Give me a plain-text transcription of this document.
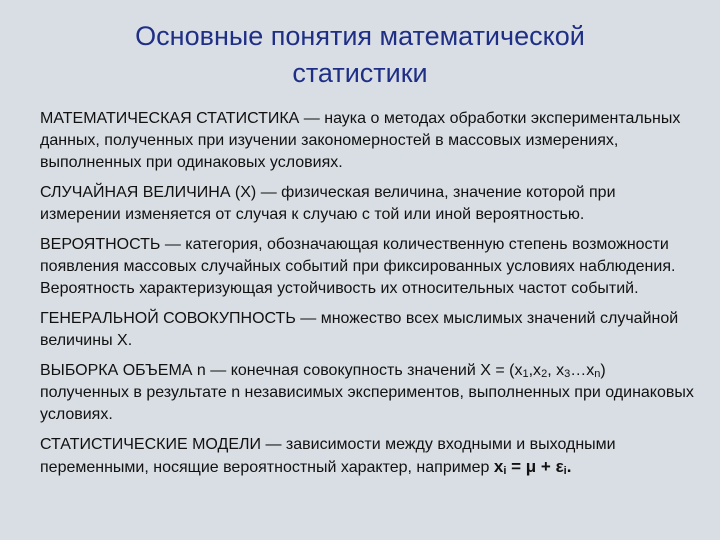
Основные понятия математической
статистики

МАТЕМАТИЧЕСКАЯ СТАТИСТИКА — наука о методах обработки экспериментальных данных, полученных при изучении закономерностей в массовых измерениях, выполненных при одинаковых условиях.

СЛУЧАЙНАЯ ВЕЛИЧИНА (X) — физическая величина, значение которой при измерении изменяется от случая к случаю с той или иной вероятностью.

ВЕРОЯТНОСТЬ — категория, обозначающая количественную степень возможности появления массовых случайных событий при фиксированных условиях наблюдения. Вероятность характеризующая устойчивость их относительных частот событий.

ГЕНЕРАЛЬНОЙ СОВОКУПНОСТЬ — множество всех мыслимых значений случайной величины X.

ВЫБОРКА ОБЪЕМА n — конечная совокупность значений $X = (x_1,x_2$, $x_3\dots x_n$) полученных в результате n независимых экспериментов, выполненных при одинаковых условиях.

СТАТИСТИЧЕСКИЕ МОДЕЛИ — зависимости между входными и выходными переменными, носящие вероятностный характер, например $x_i = \mu + \varepsilon_i$.
